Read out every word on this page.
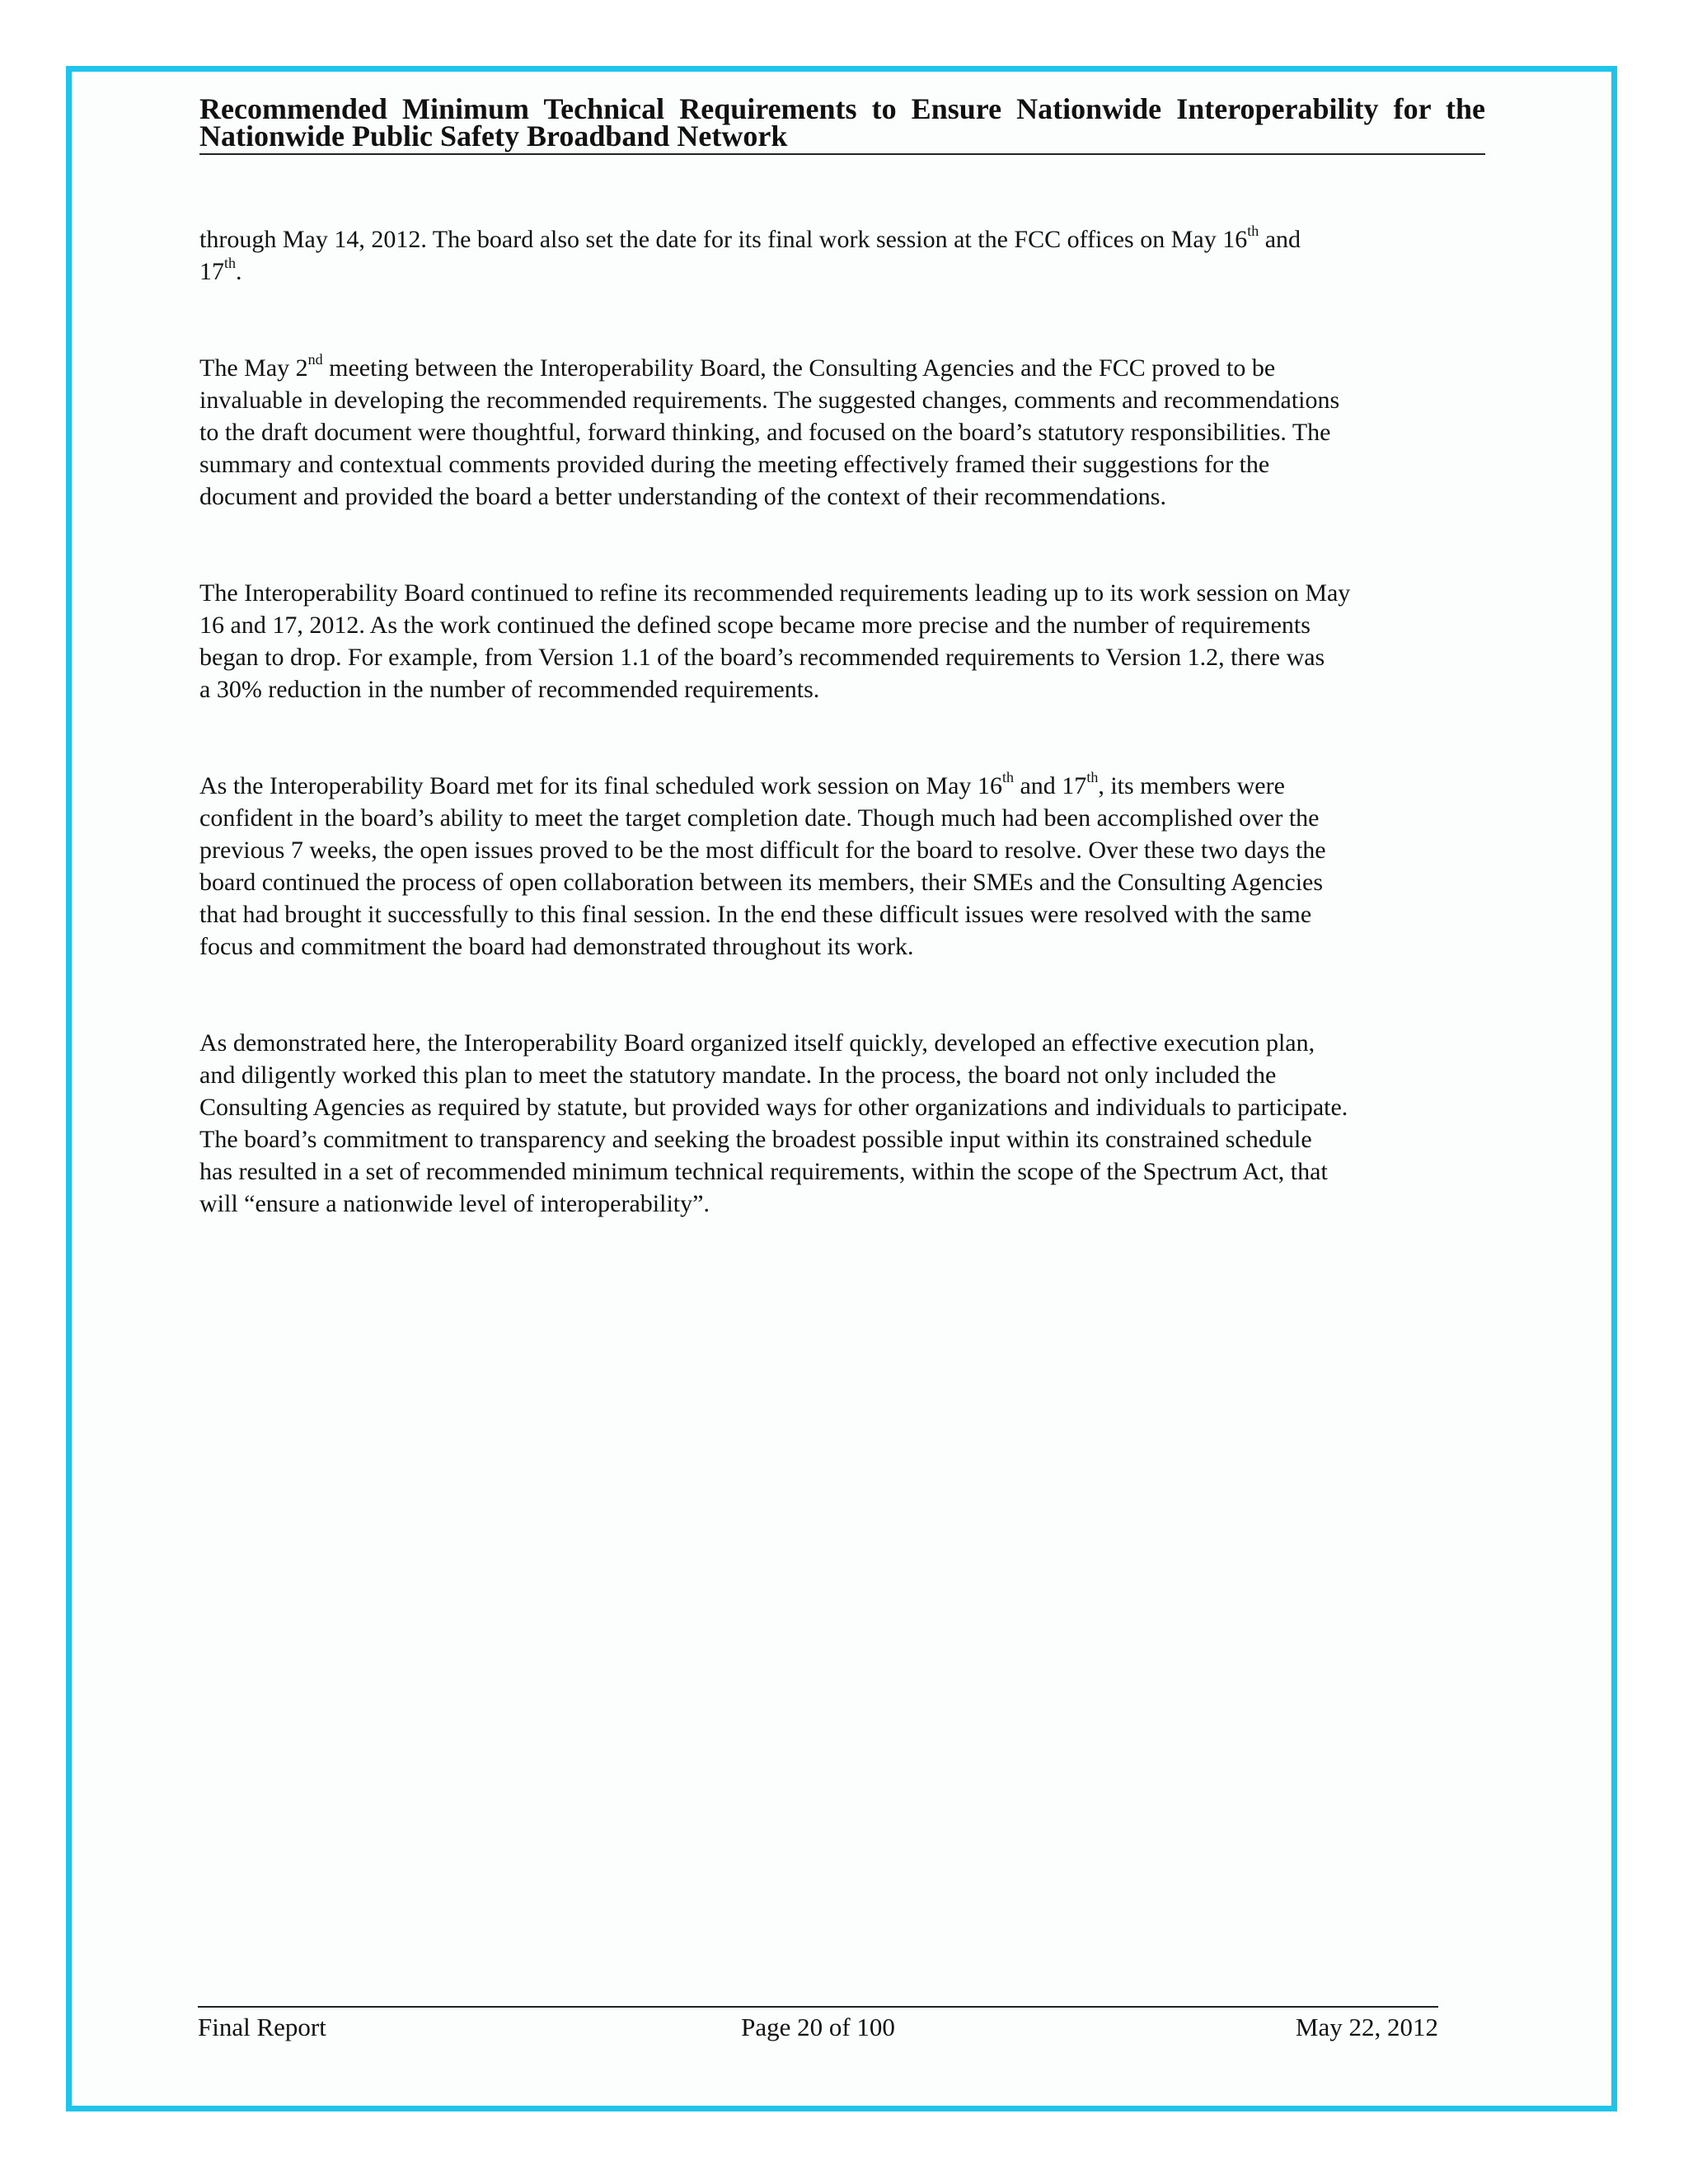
Recommended Minimum Technical Requirements to Ensure Nationwide Interoperability for the Nationwide Public Safety Broadband Network

through May 14, 2012. The board also set the date for its final work session at the FCC offices on May 16th and
17th.

The May 2nd meeting between the Interoperability Board, the Consulting Agencies and the FCC proved to be
invaluable in developing the recommended requirements. The suggested changes, comments and recommendations
to the draft document were thoughtful, forward thinking, and focused on the board’s statutory responsibilities. The
summary and contextual comments provided during the meeting effectively framed their suggestions for the
document and provided the board a better understanding of the context of their recommendations.

The Interoperability Board continued to refine its recommended requirements leading up to its work session on May
16 and 17, 2012. As the work continued the defined scope became more precise and the number of requirements
began to drop. For example, from Version 1.1 of the board’s recommended requirements to Version 1.2, there was
a 30% reduction in the number of recommended requirements.

As the Interoperability Board met for its final scheduled work session on May 16th and 17th, its members were
confident in the board’s ability to meet the target completion date. Though much had been accomplished over the
previous 7 weeks, the open issues proved to be the most difficult for the board to resolve. Over these two days the
board continued the process of open collaboration between its members, their SMEs and the Consulting Agencies
that had brought it successfully to this final session. In the end these difficult issues were resolved with the same
focus and commitment the board had demonstrated throughout its work.

As demonstrated here, the Interoperability Board organized itself quickly, developed an effective execution plan,
and diligently worked this plan to meet the statutory mandate. In the process, the board not only included the
Consulting Agencies as required by statute, but provided ways for other organizations and individuals to participate.
The board’s commitment to transparency and seeking the broadest possible input within its constrained schedule
has resulted in a set of recommended minimum technical requirements, within the scope of the Spectrum Act, that
will “ensure a nationwide level of interoperability”.

Final Report	Page 20 of 100	May 22, 2012
